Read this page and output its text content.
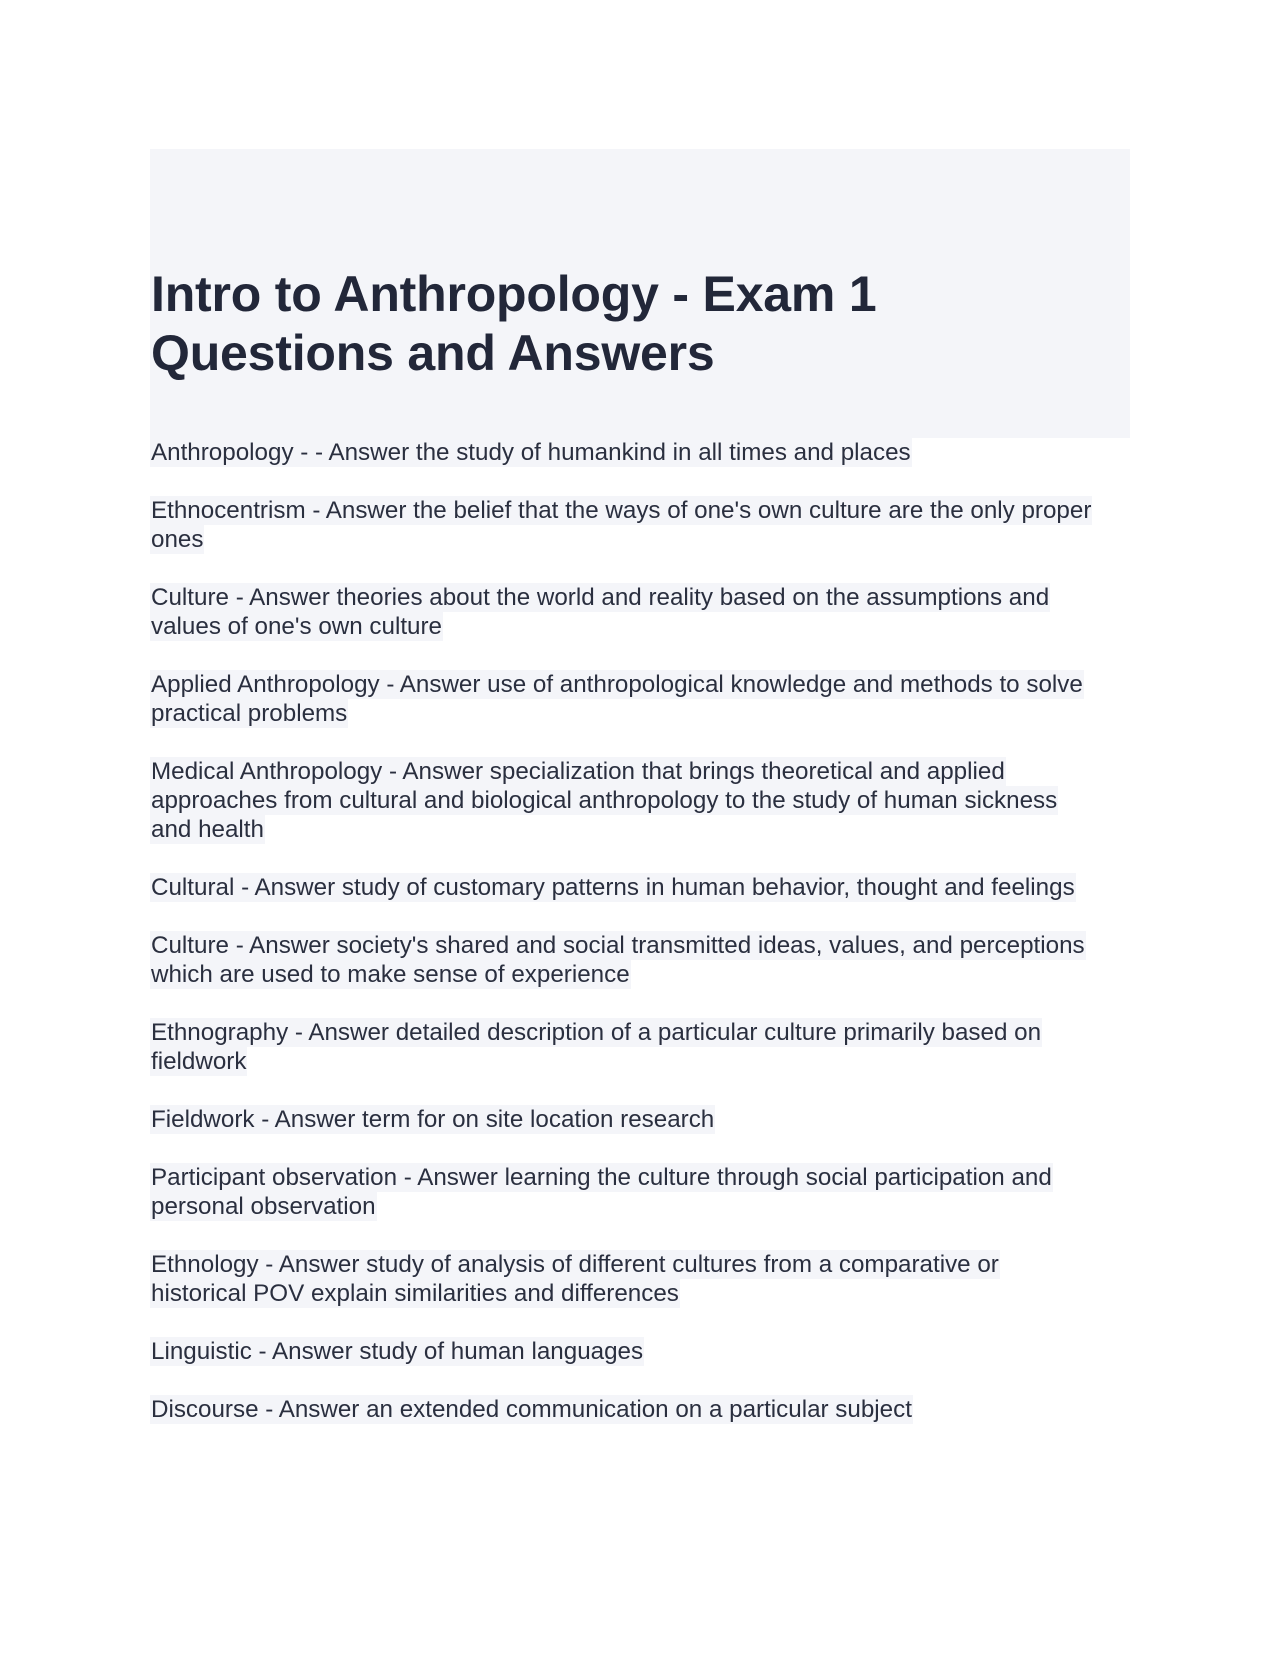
Intro to Anthropology - Exam 1
Questions and Answers

Anthropology - - Answer the study of humankind in all times and places

Ethnocentrism - Answer the belief that the ways of one's own culture are the only proper
ones

Culture - Answer theories about the world and reality based on the assumptions and
values of one's own culture

Applied Anthropology - Answer use of anthropological knowledge and methods to solve
practical problems

Medical Anthropology - Answer specialization that brings theoretical and applied
approaches from cultural and biological anthropology to the study of human sickness
and health

Cultural - Answer study of customary patterns in human behavior, thought and feelings

Culture - Answer society's shared and social transmitted ideas, values, and perceptions
which are used to make sense of experience

Ethnography - Answer detailed description of a particular culture primarily based on
fieldwork

Fieldwork - Answer term for on site location research

Participant observation - Answer learning the culture through social participation and
personal observation

Ethnology - Answer study of analysis of different cultures from a comparative or
historical POV explain similarities and differences

Linguistic - Answer study of human languages

Discourse - Answer an extended communication on a particular subject
